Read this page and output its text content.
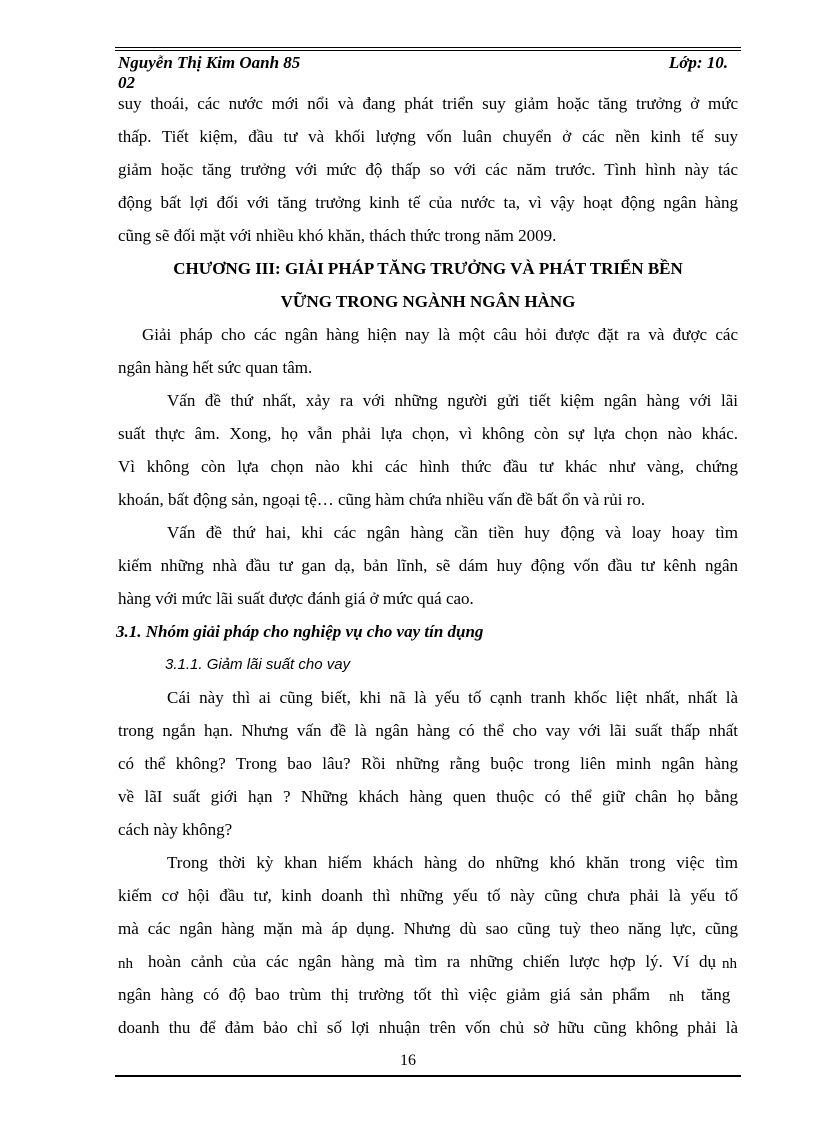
Nguyễn Thị Kim Oanh 85
02
Lớp: 10.
suy thoái, các nước mới nổi và đang phát triển suy giảm hoặc tăng trưởng ở mức
thấp. Tiết kiệm, đầu tư và khối lượng vốn luân chuyển ở các nền kinh tế suy
giảm hoặc tăng trưởng với mức độ thấp so với các năm trước. Tình hình này tác
động bất lợi đối với tăng trưởng kinh tế của nước ta, vì vậy hoạt động ngân hàng
cũng sẽ đối mặt với nhiều khó khăn, thách thức trong năm 2009.
CHƯƠNG III: GIẢI PHÁP TĂNG TRƯỞNG VÀ PHÁT TRIỂN BỀN
VỮNG TRONG NGÀNH NGÂN HÀNG
Giải pháp cho các ngân hàng hiện nay là một câu hỏi được đặt ra và được các
ngân hàng hết sức quan tâm.
Vấn đề thứ nhất, xảy ra với những người gửi tiết kiệm ngân hàng với lãi
suất thực âm. Xong, họ vẫn phải lựa chọn, vì không còn sự lựa chọn nào khác.
Vì không còn lựa chọn nào khi các hình thức đầu tư khác như vàng, chứng
khoán, bất động sản, ngoại tệ… cũng hàm chứa nhiều vấn đề bất ổn và rủi ro.
Vấn đề thứ hai, khi các ngân hàng cần tiền huy động và loay hoay tìm
kiếm những nhà đầu tư gan dạ, bản lĩnh, sẽ dám huy động vốn đầu tư kênh ngân
hàng với mức lãi suất được đánh giá ở mức quá cao.
3.1. Nhóm giải pháp cho nghiệp vụ cho vay tín dụng
3.1.1. Giảm lãi suất cho vay
Cái này thì ai cũng biết, khi nã là yếu tố cạnh tranh khốc liệt nhất, nhất là
trong ngắn hạn. Nhưng vấn đề là ngân hàng có thể cho vay với lãi suất thấp nhất
có thể không? Trong bao lâu? Rồi những rằng buộc trong liên minh ngân hàng
về lãI suất giới hạn ? Những khách hàng quen thuộc có thể giữ chân họ bằng
cách này không?
Trong thời kỳ khan hiếm khách hàng do những khó khăn trong việc tìm
kiếm cơ hội đầu tư, kinh doanh thì những yếu tố này cũng chưa phải là yếu tố
mà các ngân hàng mặn mà áp dụng. Nhưng dù sao cũng tuỳ theo năng lực, cũng
hoàn cảnh của các ngân hàng mà tìm ra những chiến lược hợp lý. Ví dụ
ngân hàng có độ bao trùm thị trường tốt thì việc giảm giá sản phẩm	tăng
doanh thu để đảm bảo chỉ số lợi nhuận trên vốn chủ sở hữu cũng không phải là
nh	nh
nh
16
